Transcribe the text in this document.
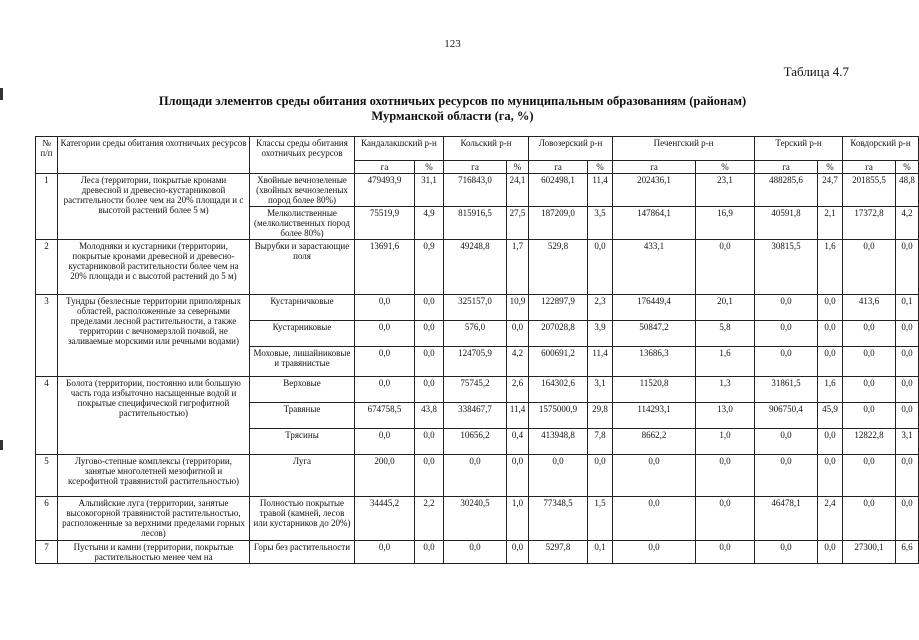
123
Таблица 4.7
Площади элементов среды обитания охотничьих ресурсов по муниципальным образованиям (районам)
Мурманской области (га, %)
№ п/п	Категории среды обитания охотничьих ресурсов	Классы среды обитания охотничьих ресурсов	Кандалакшский р-н		Кольский р-н		Ловозерский р-н		Печенгский р-н		Терский р-н		Ковдорский р-н	
			га	%	га	%	га	%	га	%	га	%	га	%
1	Леса (территории, покрытые кронами древесной и древесно-кустарниковой растительности более чем на 20% площади и с высотой растений более 5 м)	Хвойные вечнозеленые (хвойных вечнозеленых пород более 80%)	479493,9	31,1	716843,0	24,1	602498,1	11,4	202436,1	23,1	488285,6	24,7	201855,5	48,8
		Мелколиственные (мелколиственных пород более 80%)	75519,9	4,9	815916,5	27,5	187209,0	3,5	147864,1	16,9	40591,8	2,1	17372,8	4,2
2	Молодняки и кустарники (территории, покрытые кронами древесной и древесно-кустарниковой растительности более чем на 20% площади и с высотой растений до 5 м)	Вырубки и зарастающие поля	13691,6	0,9	49248,8	1,7	529,8	0,0	433,1	0,0	30815,5	1,6	0,0	0,0
3	Тундры (безлесные территории приполярных областей, расположенные за северными пределами лесной растительности, а также территории с вечномерзлой почвой, не заливаемые морскими или речными водами)	Кустарничковые	0,0	0,0	325157,0	10,9	122897,9	2,3	176449,4	20,1	0,0	0,0	413,6	0,1
		Кустарниковые	0,0	0,0	576,0	0,0	207028,8	3,9	50847,2	5,8	0,0	0,0	0,0	0,0
		Моховые, лишайниковые и травянистые	0,0	0,0	124705,9	4,2	600691,2	11,4	13686,3	1,6	0,0	0,0	0,0	0,0
4	Болота (территории, постоянно или большую часть года избыточно насыщенные водой и покрытые специфической гигрофитной растительностью)	Верховые	0,0	0,0	75745,2	2,6	164302,6	3,1	11520,8	1,3	31861,5	1,6	0,0	0,0
		Травяные	674758,5	43,8	338467,7	11,4	1575000,9	29,8	114293,1	13,0	906750,4	45,9	0,0	0,0
		Трясины	0,0	0,0	10656,2	0,4	413948,8	7,8	8662,2	1,0	0,0	0,0	12822,8	3,1
5	Лугово-степные комплексы (территории, занятые многолетней мезофитной и ксерофитной травянистой растительностью)	Луга	200,0	0,0	0,0	0,0	0,0	0,0	0,0	0,0	0,0	0,0	0,0	0,0
6	Альпийские луга (территории, занятые высокогорной травянистой растительностью, расположенные за верхними пределами горных лесов)	Полностью покрытые травой (камней, лесов или кустарников до 20%)	34445,2	2,2	30240,5	1,0	77348,5	1,5	0,0	0,0	46478,1	2,4	0,0	0,0
7	Пустыни и камни (территории, покрытые растительностью менее чем на	Горы без растительности	0,0	0,0	0,0	0,0	5297,8	0,1	0,0	0,0	0,0	0,0	27300,1	6,6
